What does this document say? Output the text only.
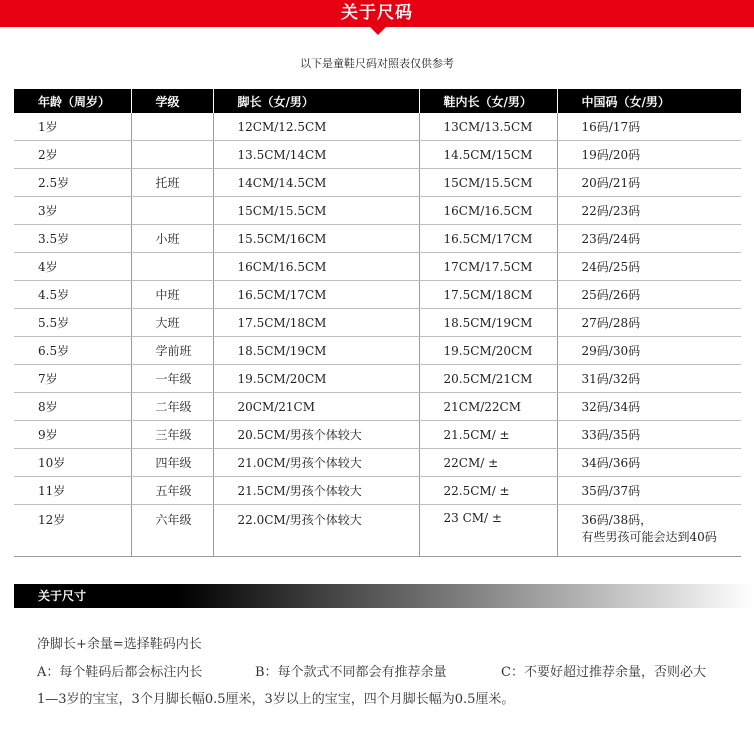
关于尺码
以下是童鞋尺码对照表仅供参考
年龄（周岁）	学级	脚长（女/男）	鞋内长（女/男）	中国码（女/男）
1岁		12CM/12.5CM	13CM/13.5CM	16码/17码
2岁		13.5CM/14CM	14.5CM/15CM	19码/20码
2.5岁	托班	14CM/14.5CM	15CM/15.5CM	20码/21码
3岁		15CM/15.5CM	16CM/16.5CM	22码/23码
3.5岁	小班	15.5CM/16CM	16.5CM/17CM	23码/24码
4岁		16CM/16.5CM	17CM/17.5CM	24码/25码
4.5岁	中班	16.5CM/17CM	17.5CM/18CM	25码/26码
5.5岁	大班	17.5CM/18CM	18.5CM/19CM	27码/28码
6.5岁	学前班	18.5CM/19CM	19.5CM/20CM	29码/30码
7岁	一年级	19.5CM/20CM	20.5CM/21CM	31码/32码
8岁	二年级	20CM/21CM	21CM/22CM	32码/34码
9岁	三年级	20.5CM/男孩个体较大	21.5CM/ ±	33码/35码
10岁	四年级	21.0CM/男孩个体较大	22CM/ ±	34码/36码
11岁	五年级	21.5CM/男孩个体较大	22.5CM/ ±	35码/37码
12岁	六年级	22.0CM/男孩个体较大	23 CM/ ±	36码/38码，
有些男孩可能会达到40码
关于尺寸
净脚长+余量=选择鞋码内长
A：每个鞋码后都会标注内长	B：每个款式不同都会有推荐余量	C：不要好超过推荐余量，否则必大
1—3岁的宝宝，3个月脚长幅0.5厘米，3岁以上的宝宝，四个月脚长幅为0.5厘米。
